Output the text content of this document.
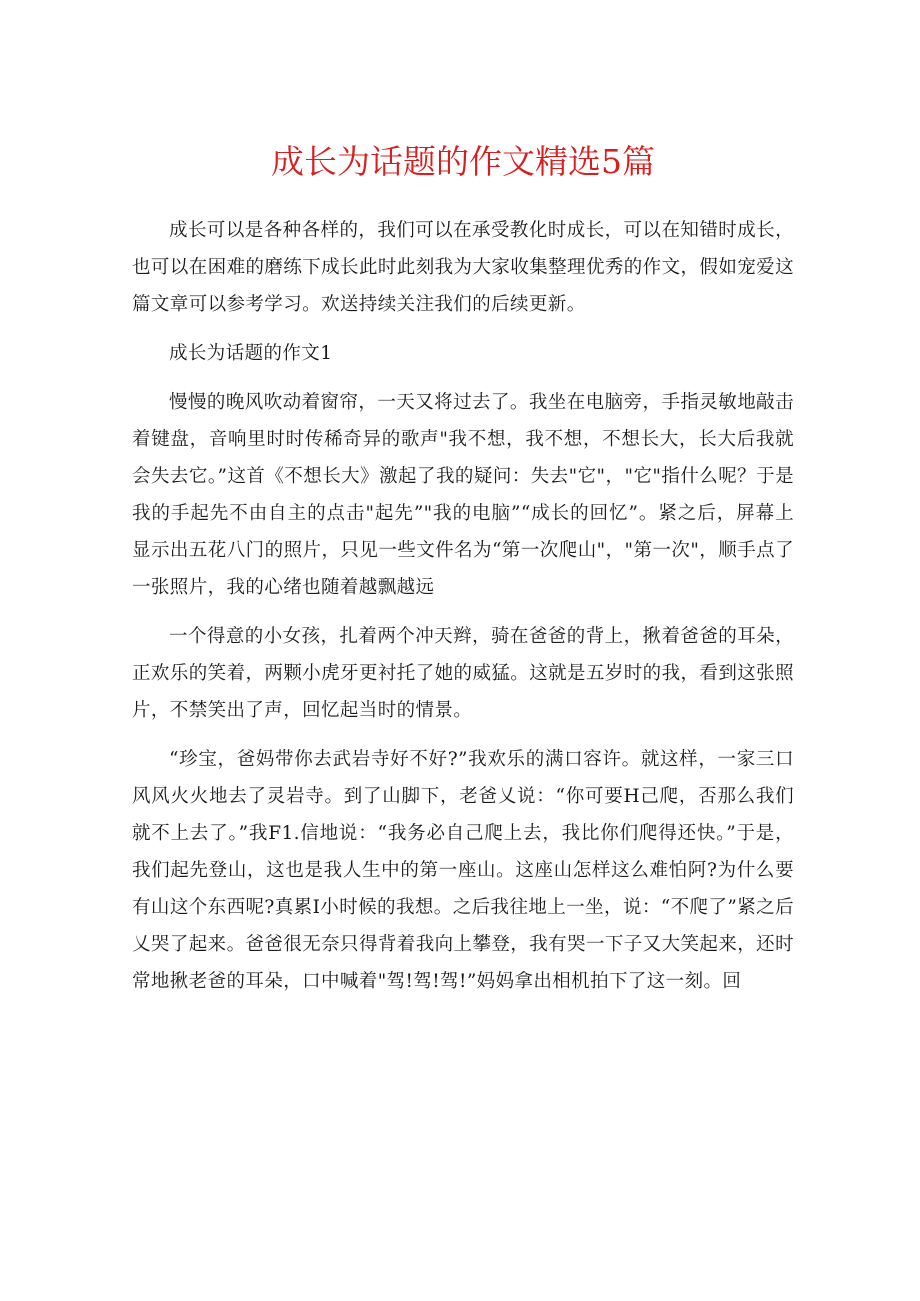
成长为话题的作文精选5篇

成长可以是各种各样的，我们可以在承受教化时成长，可以在知错时成长，也可以在困难的磨练下成长此时此刻我为大家收集整理优秀的作文，假如宠爱这篇文章可以参考学习。欢送持续关注我们的后续更新。

成长为话题的作文1

慢慢的晚风吹动着窗帘，一天又将过去了。我坐在电脑旁，手指灵敏地敲击着键盘，音响里时时传稀奇异的歌声"我不想，我不想，不想长大，长大后我就会失去它。”这首《不想长大》激起了我的疑问：失去"它"，"它"指什么呢？于是我的手起先不由自主的点击"起先”"我的电脑”“成长的回忆”。紧之后，屏幕上显示出五花八门的照片，只见一些文件名为“第一次爬山"，"第一次"，顺手点了一张照片，我的心绪也随着越飘越远

一个得意的小女孩，扎着两个冲天辫，骑在爸爸的背上，揪着爸爸的耳朵，正欢乐的笑着，两颗小虎牙更衬托了她的威猛。这就是五岁时的我，看到这张照片，不禁笑出了声，回忆起当时的情景。

“珍宝，爸妈带你去武岩寺好不好?”我欢乐的满口容许。就这样，一家三口风风火火地去了灵岩寺。到了山脚下，老爸乂说：“你可要H己爬，否那么我们就不上去了。”我F1.信地说：“我务必自己爬上去，我比你们爬得还快。”于是，我们起先登山，这也是我人生中的第一座山。这座山怎样这么难怕阿?为什么要有山这个东西呢?真累I小时候的我想。之后我往地上一坐，说：“不爬了”紧之后乂哭了起来。爸爸很无奈只得背着我向上攀登，我有哭一下子又大笑起来，还时常地揪老爸的耳朵，口中喊着"驾!驾!驾!”妈妈拿出相机拍下了这一刻。回
